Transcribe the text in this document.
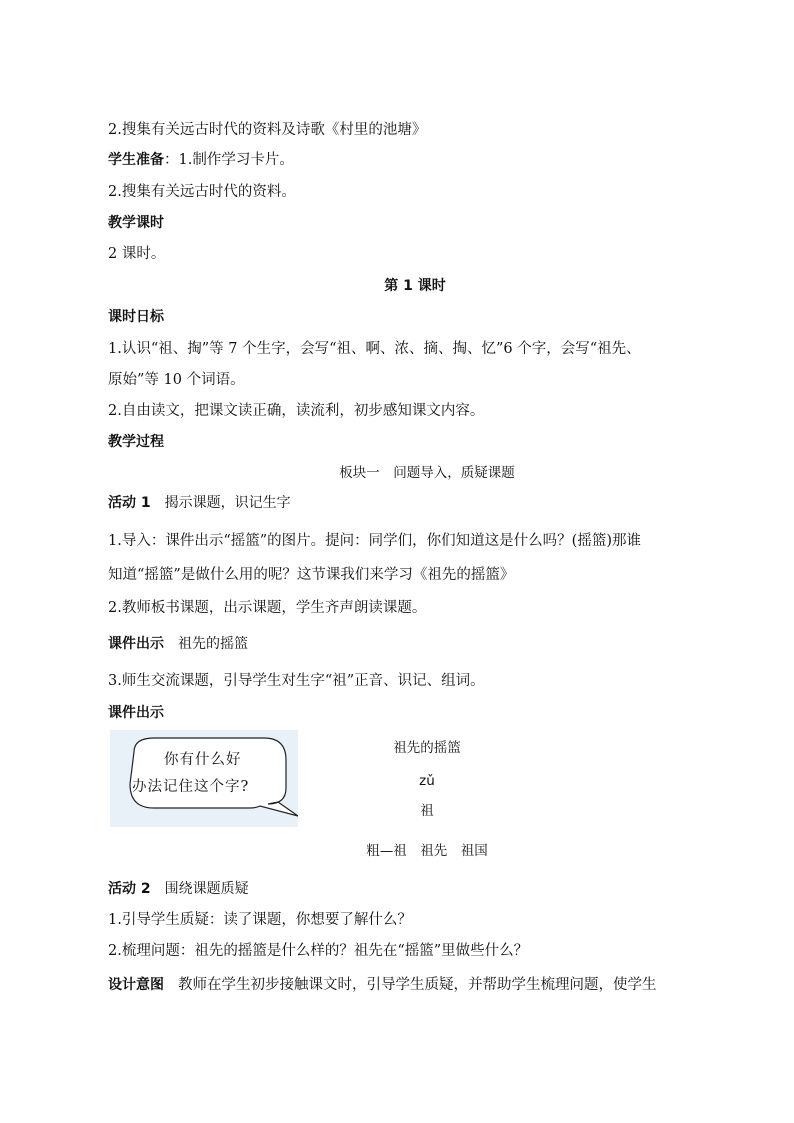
2.搜集有关远古时代的资料及诗歌《村里的池塘》
学生准备：1.制作学习卡片。
2.搜集有关远古时代的资料。
教学课时
2 课时。
第 1 课时
课时日标
1.认识“祖、掏”等 7 个生字，会写“祖、啊、浓、摘、掏、忆”6 个字，会写“祖先、
原始”等 10 个词语。
2.自由读文，把课文读正确，读流利，初步感知课文内容。
教学过程
板块一　问题导入，质疑课题
活动 1 揭示课题，识记生字
1.导入：课件出示“摇篮”的图片。提问：同学们，你们知道这是什么吗？(摇篮)那谁
知道“摇篮”是做什么用的呢？这节课我们来学习《祖先的摇篮》
2.教师板书课题，出示课题，学生齐声朗读课题。
课件出示 祖先的摇篮
3.师生交流课题，引导学生对生字“祖”正音、识记、组词。
课件出示
你有什么好
办法记住这个字?
祖先的摇篮
zǔ
祖
粗—祖　祖先　祖国
活动 2 围绕课题质疑
1.引导学生质疑：读了课题，你想要了解什么？
2.梳理问题：祖先的摇篮是什么样的？祖先在“摇篮”里做些什么？
设计意图 教师在学生初步接触课文时，引导学生质疑，并帮助学生梳理问题，使学生
